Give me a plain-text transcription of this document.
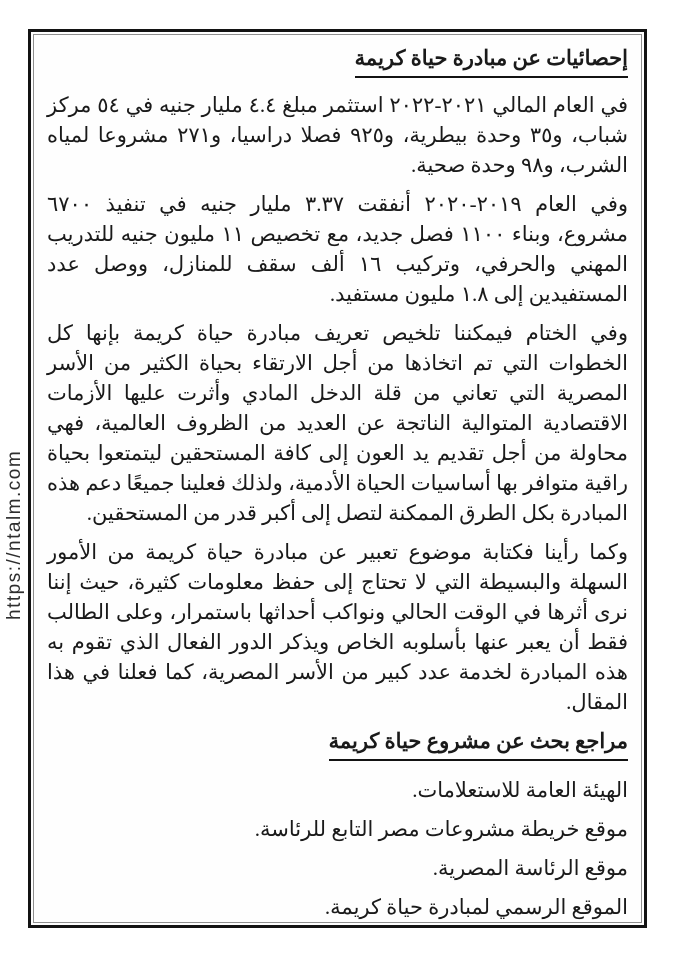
https://ntalm.com
إحصائيات عن مبادرة حياة كريمة

في العام المالي ٢٠٢١-٢٠٢٢ استثمر مبلغ ٤.٤ مليار جنيه في ٥٤ مركز شباب، و٣٥ وحدة بيطرية، و٩٢٥ فصلا دراسيا، و٢٧١ مشروعا لمياه الشرب، و٩٨ وحدة صحية.

وفي العام ٢٠١٩-٢٠٢٠ أنفقت ٣.٣٧ مليار جنيه في تنفيذ ٦٧٠٠ مشروع، وبناء ١١٠٠ فصل جديد، مع تخصيص ١١ مليون جنيه للتدريب المهني والحرفي، وتركيب ١٦ ألف سقف للمنازل، ووصل عدد المستفيدين إلى ١.٨ مليون مستفيد.

وفي الختام فيمكننا تلخيص تعريف مبادرة حياة كريمة بإنها كل الخطوات التي تم اتخاذها من أجل الارتقاء بحياة الكثير من الأسر المصرية التي تعاني من قلة الدخل المادي وأثرت عليها الأزمات الاقتصادية المتوالية الناتجة عن العديد من الظروف العالمية، فهي محاولة من أجل تقديم يد العون إلى كافة المستحقين ليتمتعوا بحياة راقية متوافر بها أساسيات الحياة الأدمية، ولذلك فعلينا جميعًا دعم هذه المبادرة بكل الطرق الممكنة لتصل إلى أكبر قدر من المستحقين.

وكما رأينا فكتابة موضوع تعبير عن مبادرة حياة كريمة من الأمور السهلة والبسيطة التي لا تحتاج إلى حفظ معلومات كثيرة، حيث إننا نرى أثرها في الوقت الحالي ونواكب أحداثها باستمرار، وعلى الطالب فقط أن يعبر عنها بأسلوبه الخاص ويذكر الدور الفعال الذي تقوم به هذه المبادرة لخدمة عدد كبير من الأسر المصرية، كما فعلنا في هذا المقال.

مراجع بحث عن مشروع حياة كريمة

الهيئة العامة للاستعلامات.

موقع خريطة مشروعات مصر التابع للرئاسة.

موقع الرئاسة المصرية.

الموقع الرسمي لمبادرة حياة كريمة.
